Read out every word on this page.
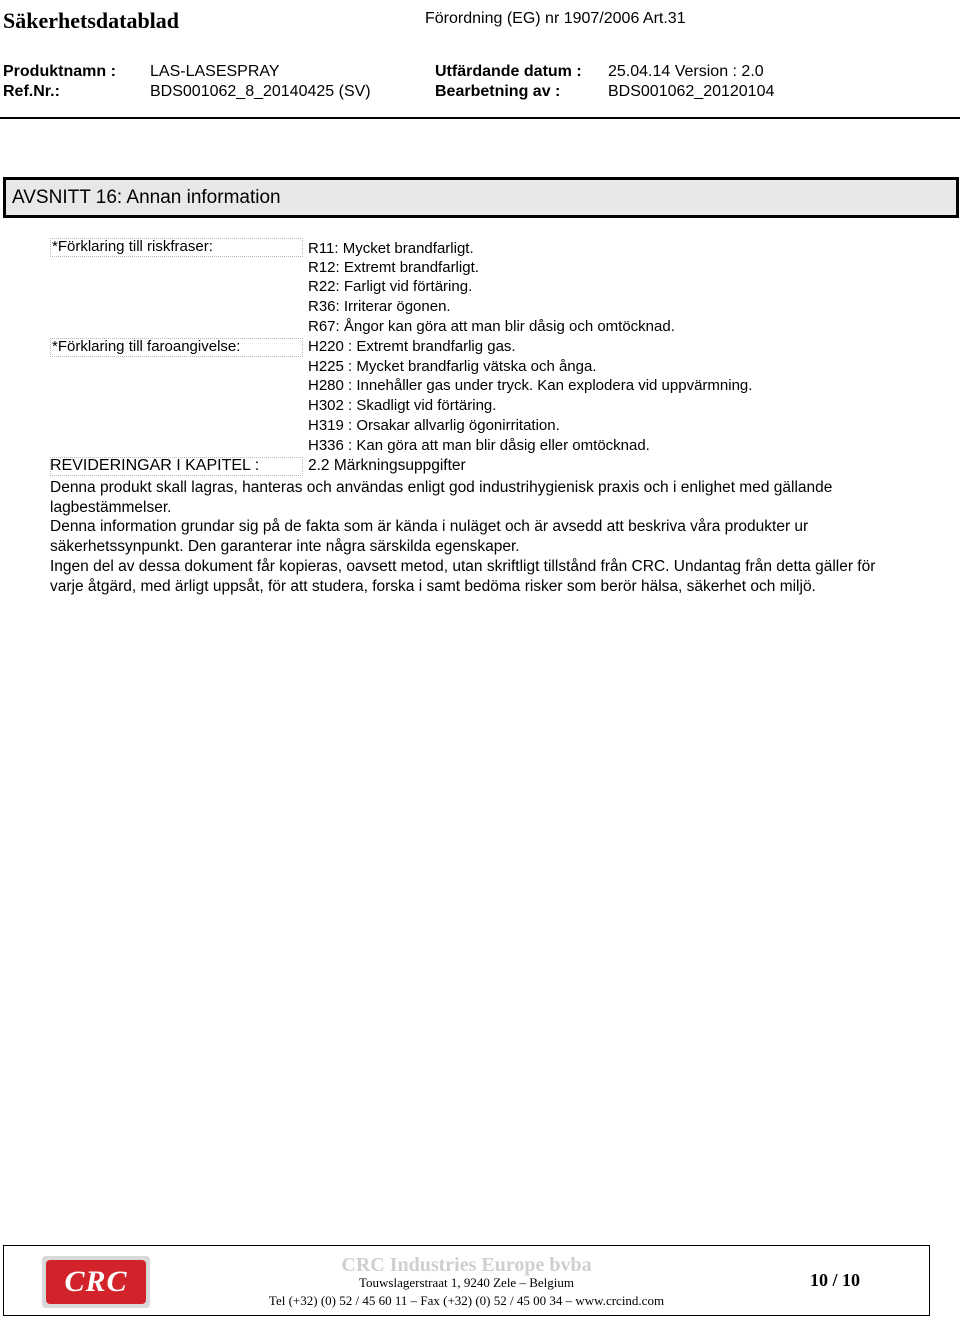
Säkerhetsdatablad	Förordning (EG) nr 1907/2006 Art.31
Produktnamn : LAS-LASESPRAY
Ref.Nr.:	BDS001062_8_20140425 (SV)
Utfärdande datum : 25.04.14 Version : 2.0
Bearbetning av :	BDS001062_20120104
AVSNITT 16: Annan information
*Förklaring till riskfraser:	R11: Mycket brandfarligt.
R12: Extremt brandfarligt.
R22: Farligt vid förtäring.
R36: Irriterar ögonen.
R67: Ångor kan göra att man blir dåsig och omtöcknad.
*Förklaring till faroangivelse:	H220 : Extremt brandfarlig gas.
H225 : Mycket brandfarlig vätska och ånga.
H280 : Innehåller gas under tryck. Kan explodera vid uppvärmning.
H302 : Skadligt vid förtäring.
H319 : Orsakar allvarlig ögonirritation.
H336 : Kan göra att man blir dåsig eller omtöcknad.
REVIDERINGAR I KAPITEL :	2.2 Märkningsuppgifter
Denna produkt skall lagras, hanteras och användas enligt god industrihygienisk praxis och i enlighet med gällande lagbestämmelser.
Denna information grundar sig på de fakta som är kända i nuläget och är avsedd att beskriva våra produkter ur säkerhetssynpunkt. Den garanterar inte några särskilda egenskaper.
Ingen del av dessa dokument får kopieras, oavsett metod, utan skriftligt tillstånd från CRC. Undantag från detta gäller för varje åtgärd, med ärligt uppsåt, för att studera, forska i samt bedöma risker som berör hälsa, säkerhet och miljö.
CRC	CRC Industries Europe bvba
Touwslagerstraat 1, 9240 Zele – Belgium
Tel (+32) (0) 52 / 45 60 11 – Fax (+32) (0) 52 / 45 00 34 – www.crcind.com
10 / 10
